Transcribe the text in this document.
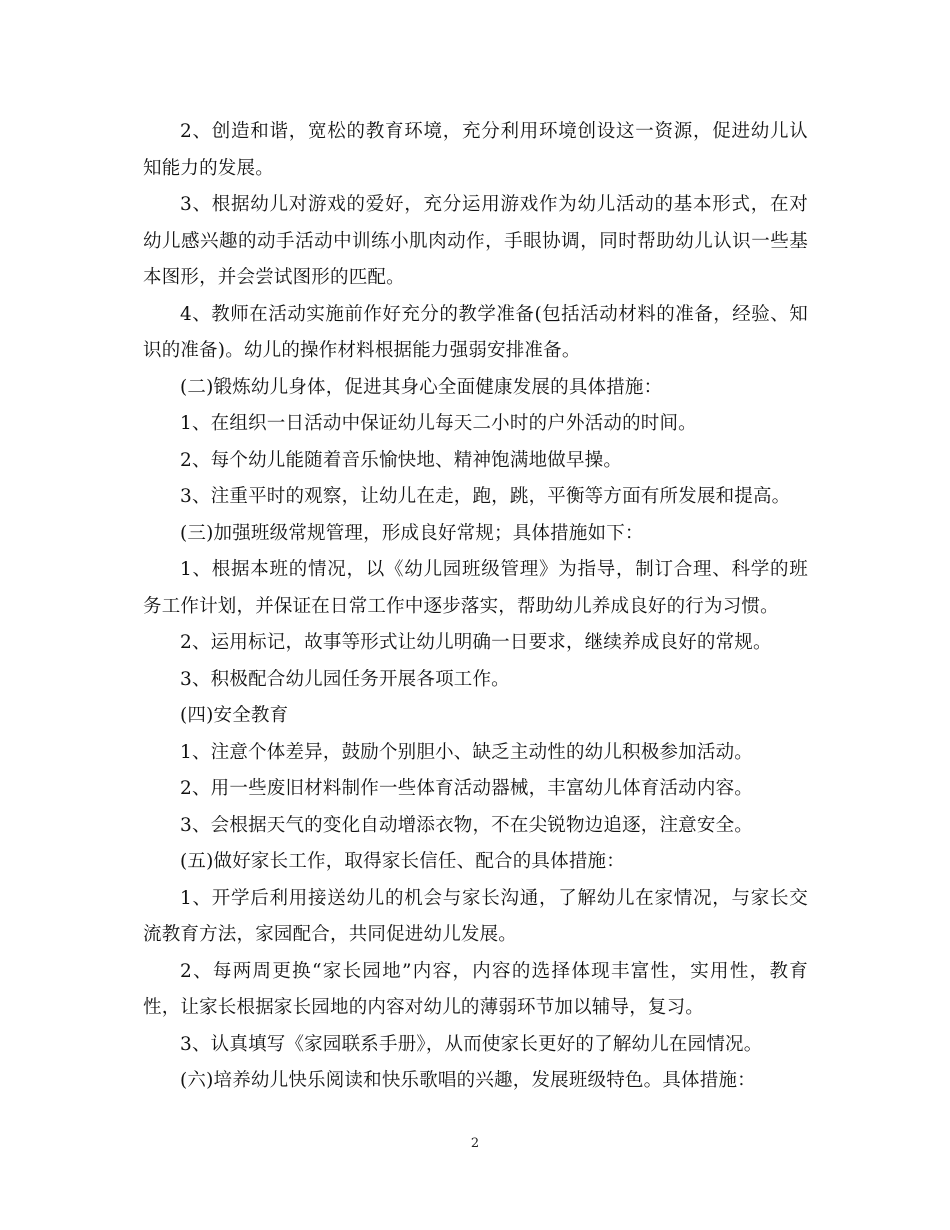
2、创造和谐，宽松的教育环境，充分利用环境创设这一资源，促进幼儿认知能力的发展。

3、根据幼儿对游戏的爱好，充分运用游戏作为幼儿活动的基本形式，在对幼儿感兴趣的动手活动中训练小肌肉动作，手眼协调，同时帮助幼儿认识一些基本图形，并会尝试图形的匹配。

4、教师在活动实施前作好充分的教学准备(包括活动材料的准备，经验、知识的准备)。幼儿的操作材料根据能力强弱安排准备。

(二)锻炼幼儿身体，促进其身心全面健康发展的具体措施：

1、在组织一日活动中保证幼儿每天二小时的户外活动的时间。

2、每个幼儿能随着音乐愉快地、精神饱满地做早操。

3、注重平时的观察，让幼儿在走，跑，跳，平衡等方面有所发展和提高。

(三)加强班级常规管理，形成良好常规；具体措施如下：

1、根据本班的情况，以《幼儿园班级管理》为指导，制订合理、科学的班务工作计划，并保证在日常工作中逐步落实，帮助幼儿养成良好的行为习惯。

2、运用标记，故事等形式让幼儿明确一日要求，继续养成良好的常规。

3、积极配合幼儿园任务开展各项工作。

(四)安全教育

1、注意个体差异，鼓励个别胆小、缺乏主动性的幼儿积极参加活动。

2、用一些废旧材料制作一些体育活动器械，丰富幼儿体育活动内容。

3、会根据天气的变化自动增添衣物，不在尖锐物边追逐，注意安全。

(五)做好家长工作，取得家长信任、配合的具体措施：

1、开学后利用接送幼儿的机会与家长沟通，了解幼儿在家情况，与家长交流教育方法，家园配合，共同促进幼儿发展。

2、每两周更换“家长园地”内容，内容的选择体现丰富性，实用性，教育性，让家长根据家长园地的内容对幼儿的薄弱环节加以辅导，复习。

3、认真填写《家园联系手册》，从而使家长更好的了解幼儿在园情况。

(六)培养幼儿快乐阅读和快乐歌唱的兴趣，发展班级特色。具体措施：

2
